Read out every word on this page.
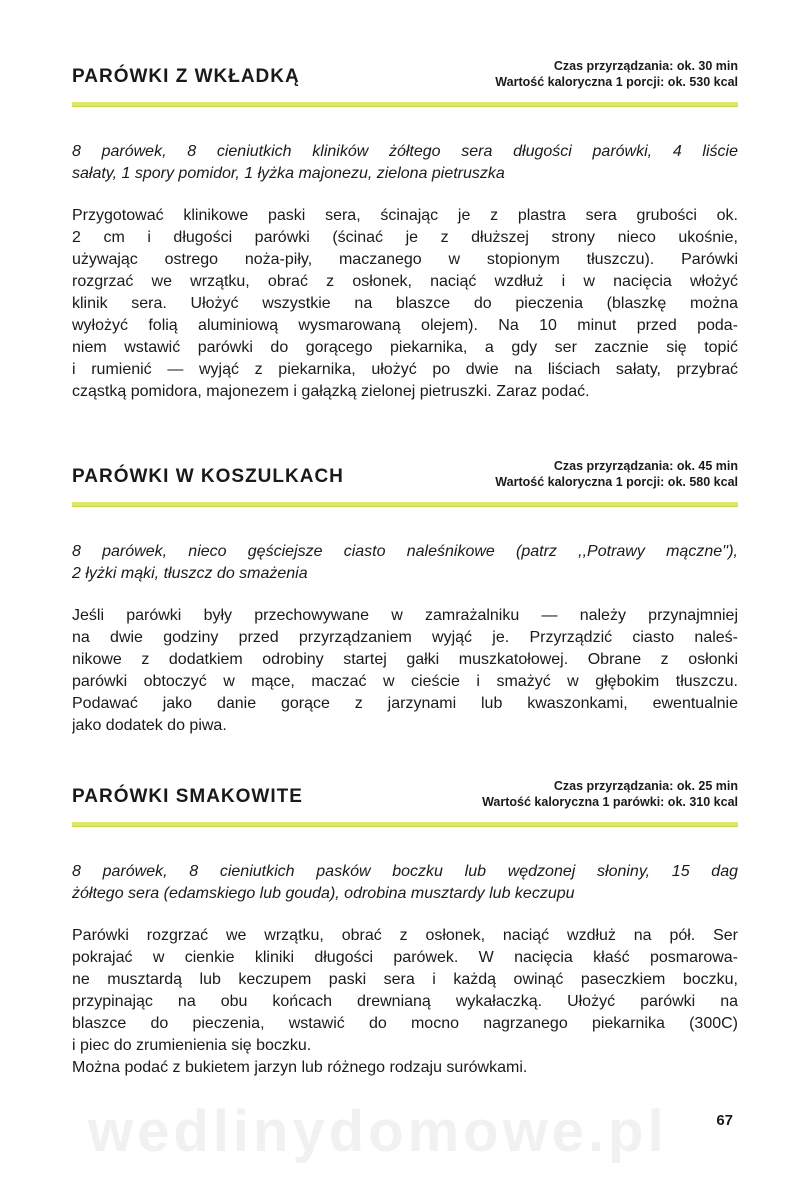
PARÓWKI Z WKŁADKĄ	Czas przyrządzania: ok. 30 min
Wartość kaloryczna 1 porcji: ok. 530 kcal
8 parówek, 8 cieniutkich kliników żółtego sera długości parówki, 4 liście
sałaty, 1 spory pomidor, 1 łyżka majonezu, zielona pietruszka
Przygotować klinikowe paski sera, ścinając je z plastra sera grubości ok.
2 cm i długości parówki (ścinać je z dłuższej strony nieco ukośnie,
używając ostrego noża-piły, maczanego w stopionym tłuszczu). Parówki
rozgrzać we wrzątku, obrać z osłonek, naciąć wzdłuż i w nacięcia włożyć
klinik sera. Ułożyć wszystkie na blaszce do pieczenia (blaszkę można
wyłożyć folią aluminiową wysmarowaną olejem). Na 10 minut przed poda-
niem wstawić parówki do gorącego piekarnika, a gdy ser zacznie się topić
i rumienić — wyjąć z piekarnika, ułożyć po dwie na liściach sałaty, przybrać
cząstką pomidora, majonezem i gałązką zielonej pietruszki. Zaraz podać.
PARÓWKI W KOSZULKACH	Czas przyrządzania: ok. 45 min
Wartość kaloryczna 1 porcji: ok. 580 kcal
8 parówek, nieco gęściejsze ciasto naleśnikowe (patrz ,,Potrawy mączne''),
2 łyżki mąki, tłuszcz do smażenia
Jeśli parówki były przechowywane w zamrażalniku — należy przynajmniej
na dwie godziny przed przyrządzaniem wyjąć je. Przyrządzić ciasto naleś-
nikowe z dodatkiem odrobiny startej gałki muszkatołowej. Obrane z osłonki
parówki obtoczyć w mące, maczać w cieście i smażyć w głębokim tłuszczu.
Podawać jako danie gorące z jarzynami lub kwaszonkami, ewentualnie
jako dodatek do piwa.
PARÓWKI SMAKOWITE	Czas przyrządzania: ok. 25 min
Wartość kaloryczna 1 parówki: ok. 310 kcal
8 parówek, 8 cieniutkich pasków boczku lub wędzonej słoniny, 15 dag
żółtego sera (edamskiego lub gouda), odrobina musztardy lub keczupu
Parówki rozgrzać we wrzątku, obrać z osłonek, naciąć wzdłuż na pół. Ser
pokrajać w cienkie kliniki długości parówek. W nacięcia kłaść posmarowa-
ne musztardą lub keczupem paski sera i każdą owinąć paseczkiem boczku,
przypinając na obu końcach drewnianą wykałaczką. Ułożyć parówki na
blaszce do pieczenia, wstawić do mocno nagrzanego piekarnika (300C)
i piec do zrumienienia się boczku.
Można podać z bukietem jarzyn lub różnego rodzaju surówkami.
wedlinydomowe.pl	67
